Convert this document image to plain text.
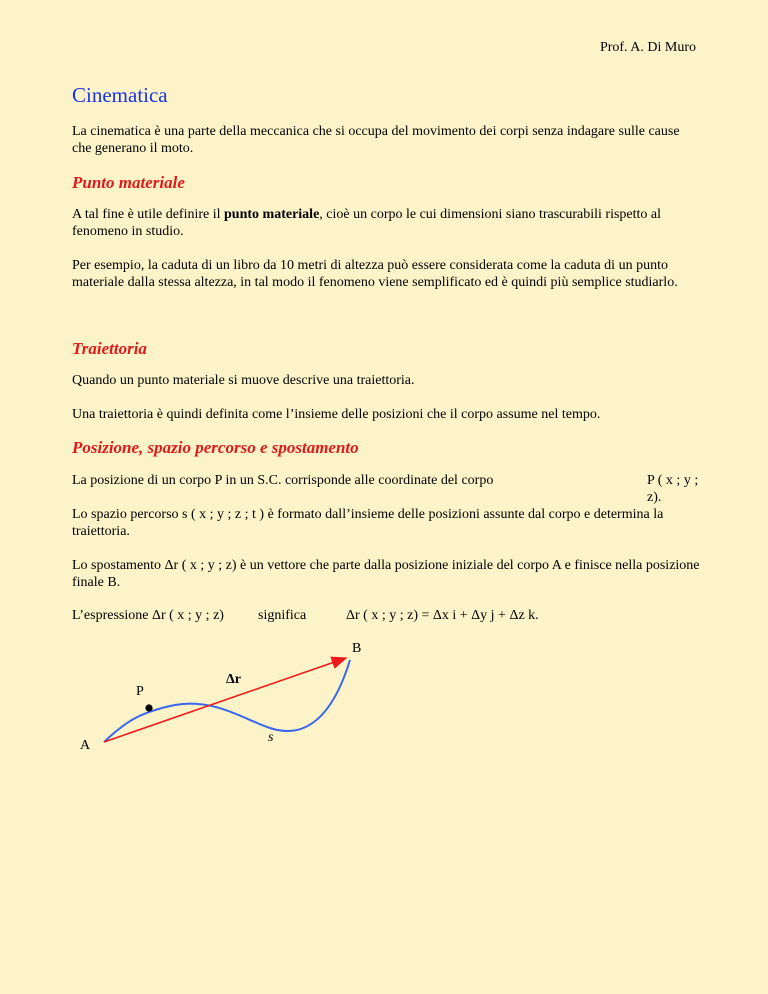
Prof. A. Di Muro
Cinematica

La cinematica è una parte della meccanica che si occupa del movimento dei corpi senza indagare sulle cause che generano il moto.

Punto materiale

A tal fine è utile definire il punto materiale, cioè un corpo le cui dimensioni siano trascurabili rispetto al fenomeno in studio.

Per esempio, la caduta di un libro da 10 metri di altezza può essere considerata come la caduta di un punto materiale dalla stessa altezza, in tal modo il fenomeno viene semplificato ed è quindi più semplice studiarlo.

Traiettoria

Quando un punto materiale si muove descrive una traiettoria.

Una traiettoria è quindi definita come l’insieme delle posizioni che il corpo assume nel tempo.

Posizione, spazio percorso e spostamento

La posizione di un corpo P in un S.C. corrisponde alle coordinate del corpo	P ( x ; y ; z).

Lo spazio percorso s ( x ; y ; z ; t ) è formato dall’insieme delle posizioni assunte dal corpo e determina la traiettoria.

Lo spostamento Δr ( x ; y ; z) è un vettore che parte dalla posizione iniziale del corpo A e finisce nella posizione finale B.

L’espressione Δr ( x ; y ; z) significa	Δr ( x ; y ; z) = Δx i + Δy j + Δz k.
A
B
P
Δr
s
